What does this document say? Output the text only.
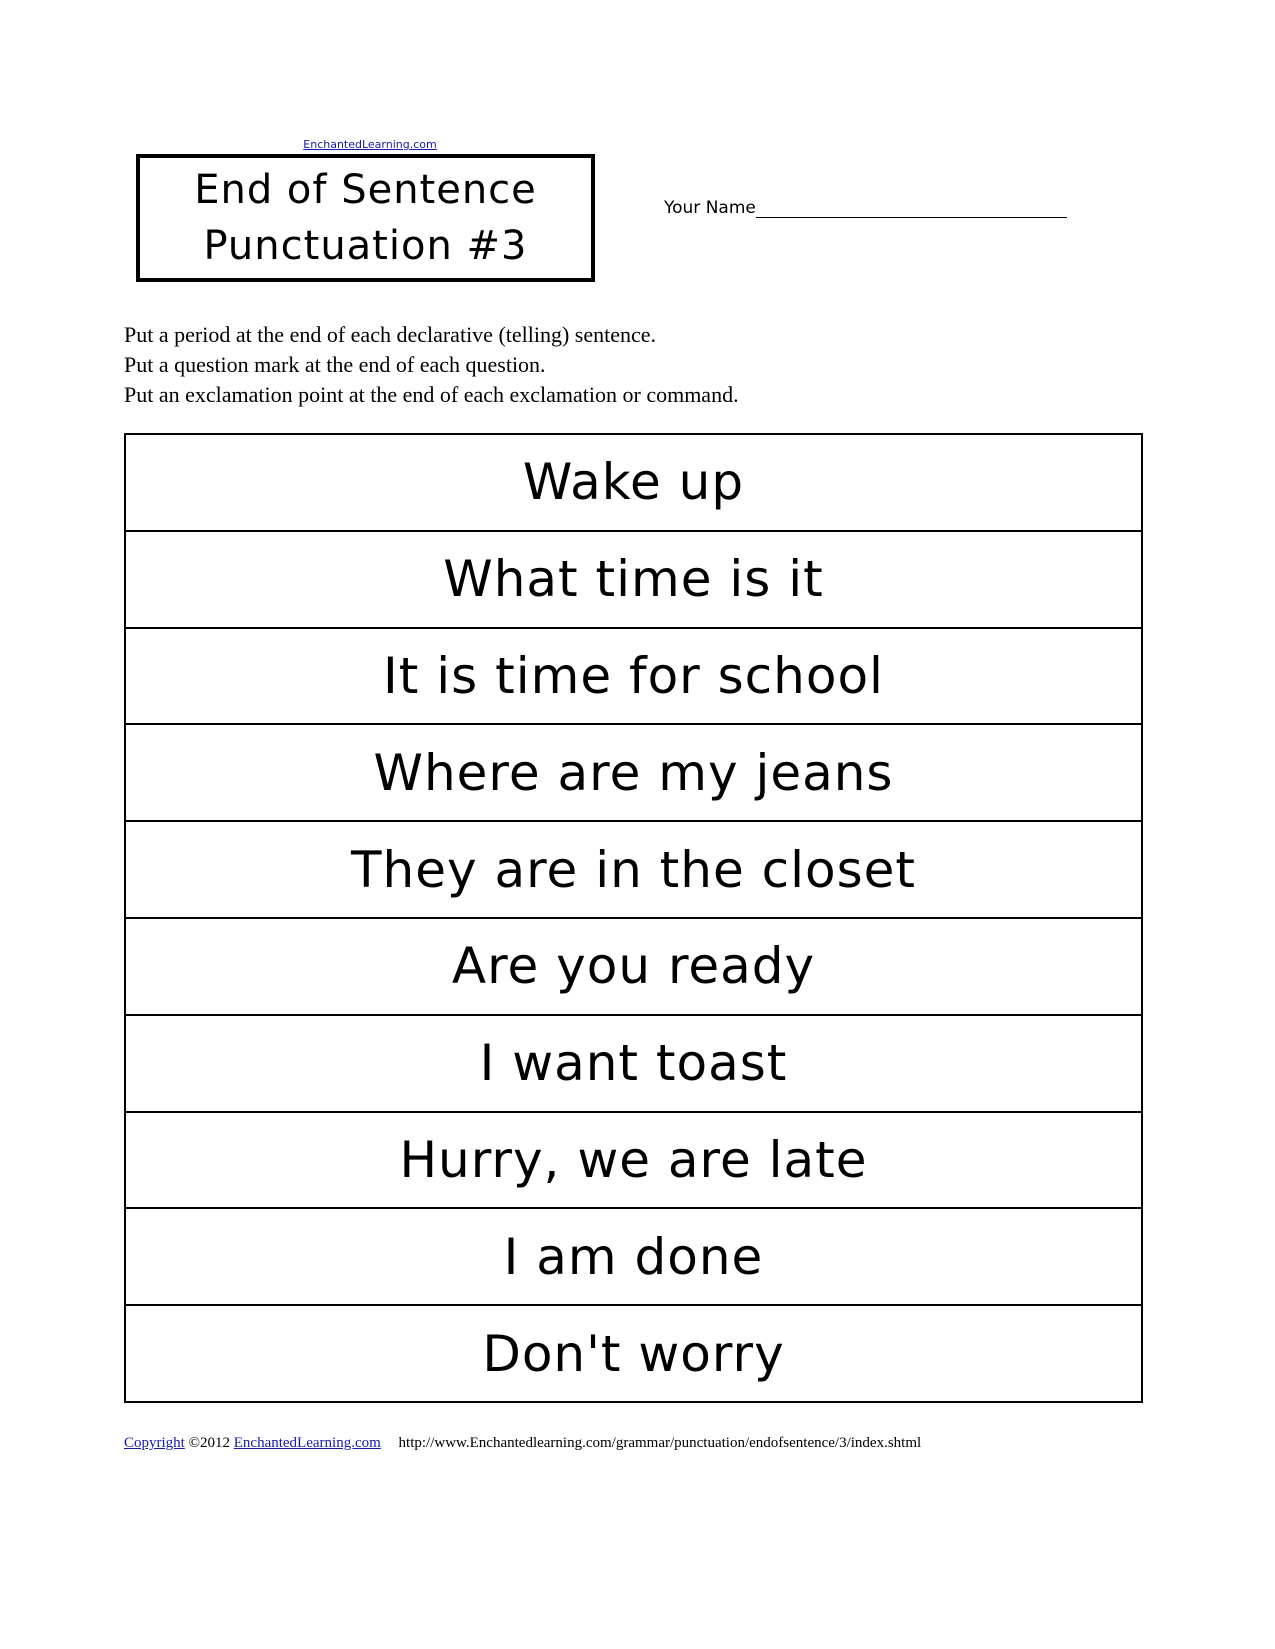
EnchantedLearning.com
End of Sentence
Punctuation #3
Your Name
Put a period at the end of each declarative (telling) sentence.
Put a question mark at the end of each question.
Put an exclamation point at the end of each exclamation or command.
Wake up
What time is it
It is time for school
Where are my jeans
They are in the closet
Are you ready
I want toast
Hurry, we are late
I am done
Don't worry
Copyright ©2012 EnchantedLearning.com http://www.Enchantedlearning.com/grammar/punctuation/endofsentence/3/index.shtml
